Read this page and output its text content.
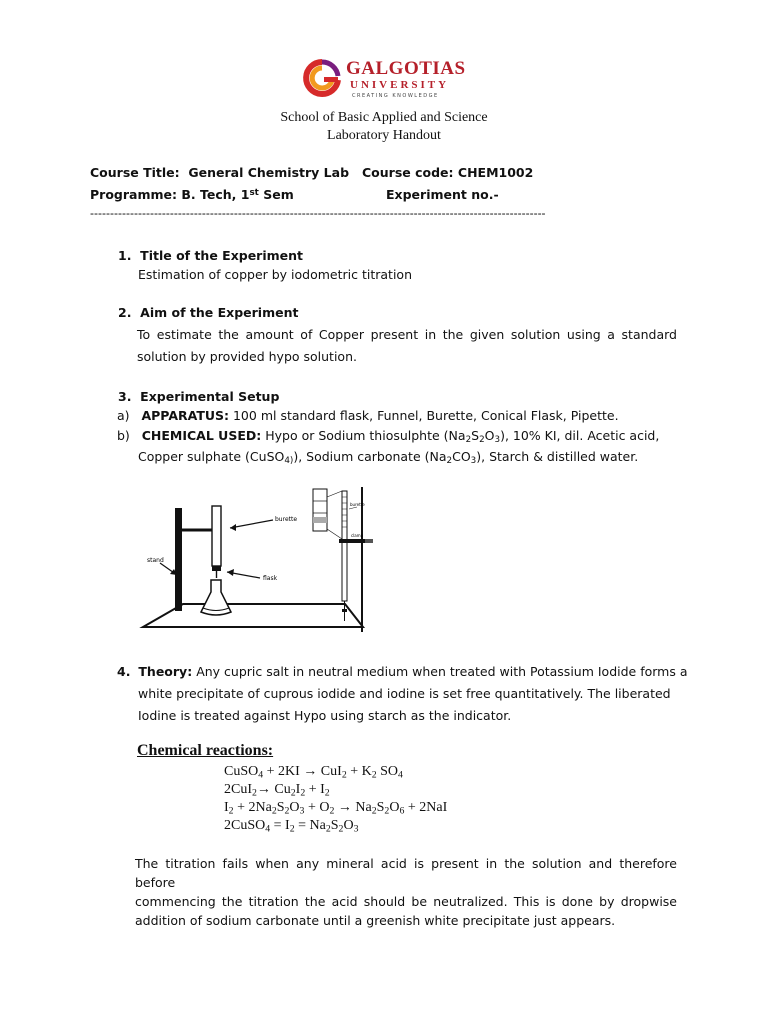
GALGOTIAS
UNIVERSITY
CREATING KNOWLEDGE
School of Basic Applied and Science
Laboratory Handout
Course Title: General Chemistry Lab Course code: CHEM1002
Programme: B. Tech, 1st Sem	Experiment no.-
------------------------------------------------------------------------------------------------------------------
1. Title of the Experiment
Estimation of copper by iodometric titration
2. Aim of the Experiment
To estimate the amount of Copper present in the given solution using a standard
solution by provided hypo solution.
3. Experimental Setup
a) APPARATUS: 100 ml standard flask, Funnel, Burette, Conical Flask, Pipette.
b) CHEMICAL USED: Hypo or Sodium thiosulphte $(Na_2S_2O_3)$, 10% KI, dil. Acetic acid,
Copper sulphate (CuSO$_{4)}$), Sodium carbonate $(Na_2CO_3)$, Starch & distilled water.
burette
stand
flask
burette
clamp
4. Theory: Any cupric salt in neutral medium when treated with Potassium Iodide forms a
white precipitate of cuprous iodide and iodine is set free quantitatively. The liberated
Iodine is treated against Hypo using starch as the indicator.
Chemical reactions:
CuSO$_4$ + $2KI \to CuI_2 + K_2$ $SO_4$
$2CuI_2\to Cu_2I_2 + I_2$
$I_2 + 2Na_2S_2O_3 + O_2 \to Na_2S_2O_6 + 2NaI$
2CuSO$_4$ = $I_2 = Na_2S_2O_3$
The titration fails when any mineral acid is present in the solution and therefore before
commencing the titration the acid should be neutralized. This is done by dropwise
addition of sodium carbonate until a greenish white precipitate just appears.
